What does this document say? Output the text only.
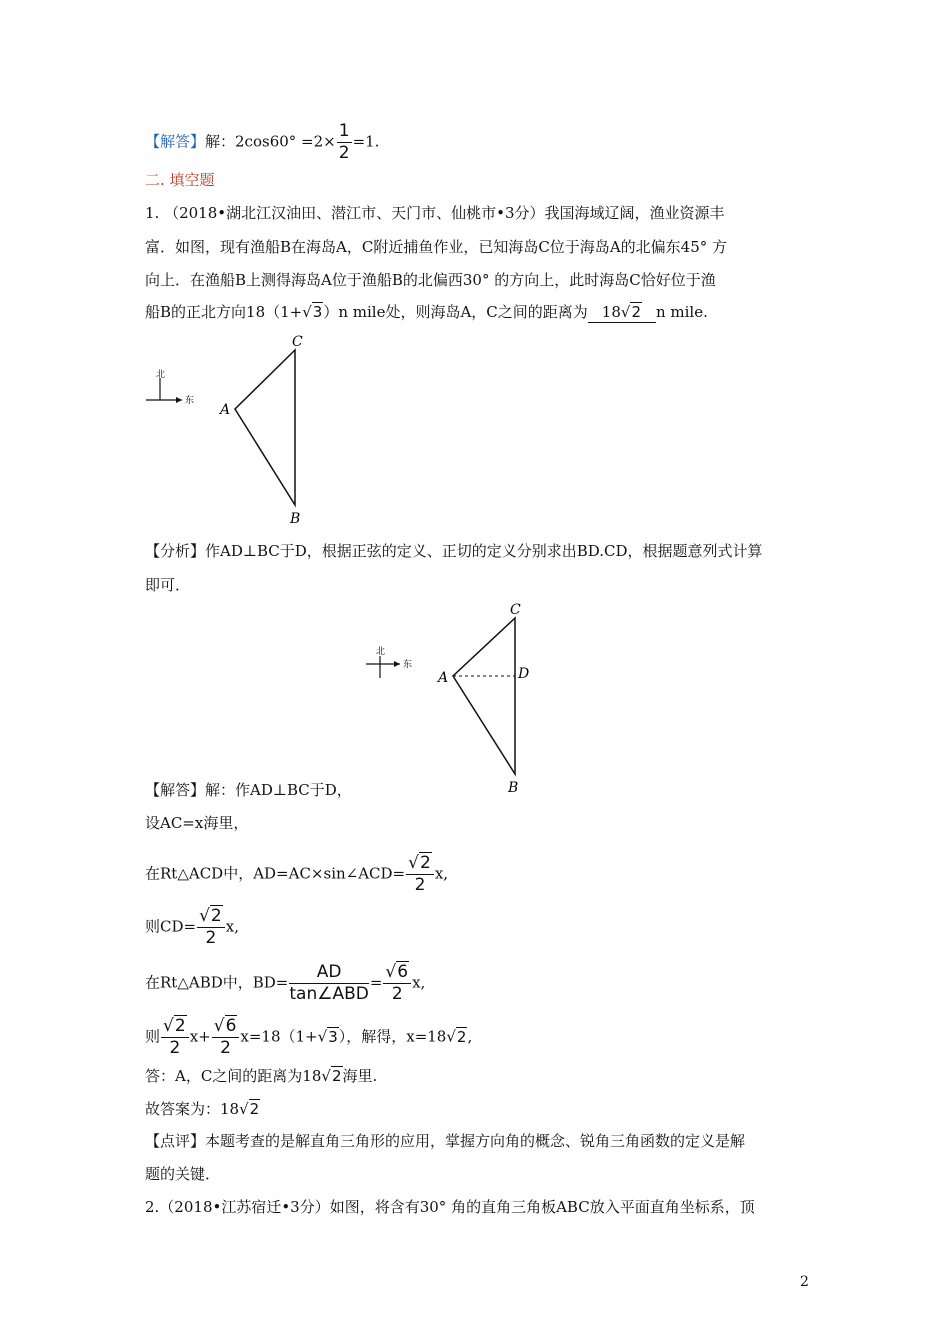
【解答】解：$2\cos 60^\circ =2\times \frac{1}{2} =1$.
二. 填空题
1. （2018•湖北江汉油田、潜江市、天门市、仙桃市•3分）我国海域辽阔，渔业资源丰
富．如图，现有渔船B在海岛A，C附近捕鱼作业，已知海岛C位于海岛A的北偏东45° 方
向上．在渔船B上测得海岛A位于渔船B的北偏西30° 的方向上，此时海岛C恰好位于渔
船B的正北方向18（1+√3）n mile处，则海岛A，C之间的距离为 18√2 n mile.
北
东
C
A
B
【分析】作AD⊥BC于D，根据正弦的定义、正切的定义分别求出BD.CD，根据题意列式计算
即可．
北
东
C
A	D
B
【解答】解：作AD⊥BC于D，
设AC=x海里，
在Rt△ACD中，AD=AC×sin∠ACD= $\frac{√2}{2} x$,
则$CD= \frac{√2}{2} x$,
在Rt△ABD中，$BD= \frac{AD}{\text{tan∠ABD}} = \frac{√6}{2} x$,
则 $\frac{√2}{2} x+ \frac{√6}{2} x=18(1+√3)$，解得，x=18√2,
答：A，C之间的距离为18√2海里.
故答案为：18√2
【点评】本题考查的是解直角三角形的应用，掌握方向角的概念、锐角三角函数的定义是解
题的关键．
2.（2018•江苏宿迁•3分）如图，将含有30° 角的直角三角板ABC放入平面直角坐标系，顶
2
